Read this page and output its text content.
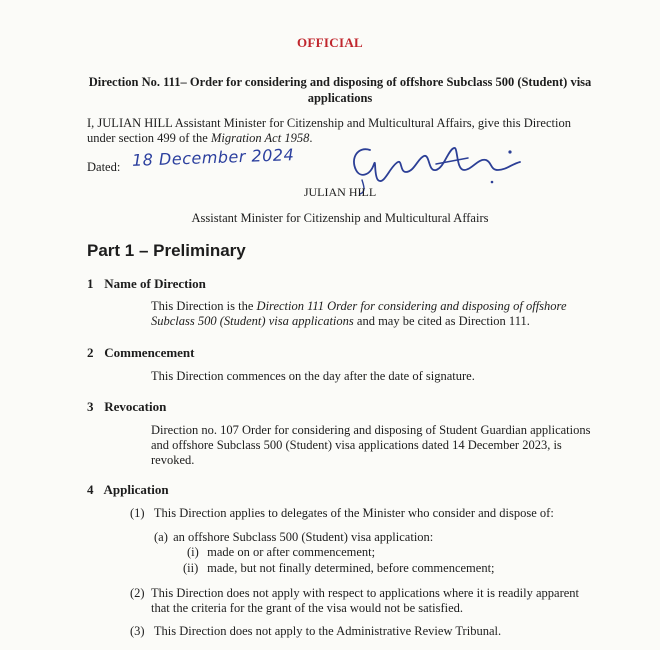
OFFICIAL
Direction No. 111– Order for considering and disposing of offshore Subclass 500 (Student) visa applications
I, JULIAN HILL Assistant Minister for Citizenship and Multicultural Affairs, give this Direction under section 499 of the Migration Act 1958.
Dated: 18 December 2024
JULIAN HILL
Assistant Minister for Citizenship and Multicultural Affairs
Part 1 – Preliminary
1 Name of Direction
This Direction is the Direction 111 Order for considering and disposing of offshore Subclass 500 (Student) visa applications and may be cited as Direction 111.
2 Commencement
This Direction commences on the day after the date of signature.
3 Revocation
Direction no. 107 Order for considering and disposing of Student Guardian applications and offshore Subclass 500 (Student) visa applications dated 14 December 2023, is revoked.
4 Application
(1) This Direction applies to delegates of the Minister who consider and dispose of:
(a) an offshore Subclass 500 (Student) visa application:
(i) made on or after commencement;
(ii) made, but not finally determined, before commencement;
(2) This Direction does not apply with respect to applications where it is readily apparent that the criteria for the grant of the visa would not be satisfied.
(3) This Direction does not apply to the Administrative Review Tribunal.
